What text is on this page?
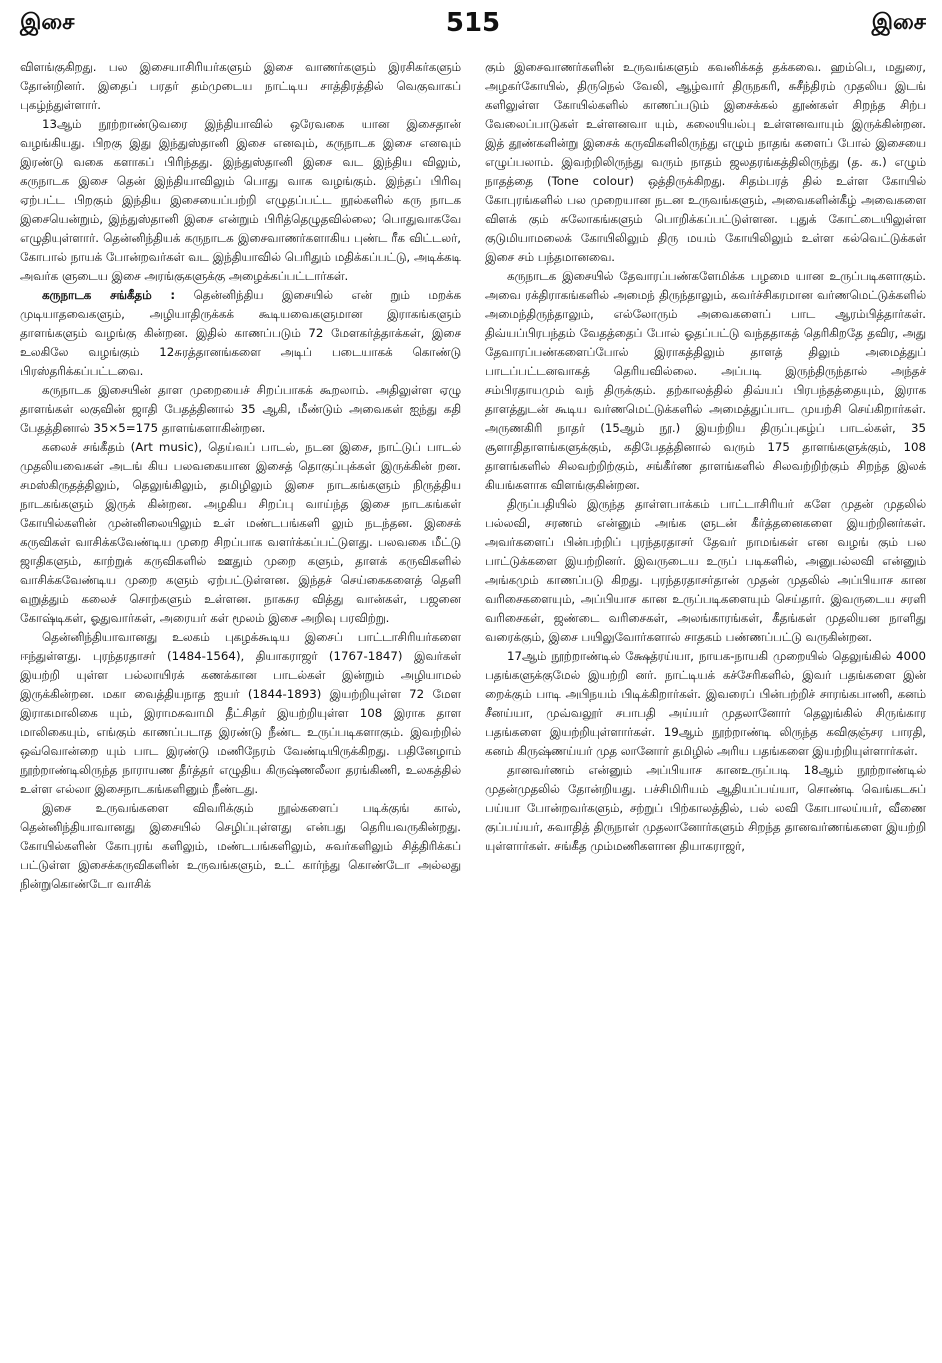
இசை	515	இசை

விளங்குகிறது. பல இசையாசிரியர்களும் இசை வாணர்களும் இரசிகர்களும் தோன்றினர். இதைப் பரதர் தம்முடைய நாட்டிய சாத்திரத்தில் வெகுவாகப் புகழ்ந்துள்ளார்.

13ஆம் நூற்றாண்டுவரை இந்தியாவில் ஒரேவகை யான இசைதான் வழங்கியது. பிறகு இது இந்துஸ்தானி இசை எனவும், கருநாடக இசை எனவும் இரண்டு வகை களாகப் பிரிந்தது. இந்துஸ்தானி இசை வட இந்திய விலும், கருநாடக இசை தென் இந்தியாவிலும் பொது வாக வழங்கும். இந்தப் பிரிவு ஏற்பட்ட பிறகும் இந்திய இசையைப்பற்றி எழுதப்பட்ட நூல்களில் கரு நாடக இசையென்றும், இந்துஸ்தானி இசை என்றும் பிரித்தெழுதவில்லை; பொதுவாகவே எழுதியுள்ளார். தென்னிந்தியக் கருநாடக இசைவாணர்களாகிய புண்ட ரீக விட்டலர், கோபால் நாயக் போன்றவர்கள் வட இந்தியாவில் பெரிதும் மதிக்கப்பட்டு, அடிக்கடி அவர்க ளுடைய இசை அரங்குகளுக்கு அழைக்கப்பட்டார்கள்.

கருநாடக சங்கீதம் : தென்னிந்திய இசையில் என் றும் மறக்க முடியாதவைகளும், அழியாதிருக்கக் கூடியவைகளுமான இராகங்களும் தாளங்களும் வழங்கு கின்றன. இதில் காணப்படும் 72 மேளகர்த்தாக்கள், இசை உலகிலே வழங்கும் 12சுரத்தானங்களை அடிப் படையாகக் கொண்டு பிரஸ்தரிக்கப்பட்டவை.

கருநாடக இசையின் தாள முறையைச் சிறப்பாகக் கூறலாம். அதிலுள்ள ஏழு தாளங்கள் லகுவின் ஜாதி பேதத்தினால் 35 ஆகி, மீண்டும் அவைகள் ஐந்து கதி பேதத்தினால் 35×5=175 தாளங்களாகின்றன.

கலைச் சங்கீதம் (Art music), தெய்வப் பாடல், நடன இசை, நாட்டுப் பாடல் முதலியவைகள் அடங் கிய பலவகையான இசைத் தொகுப்புக்கள் இருக்கின் றன. சமஸ்கிருதத்திலும், தெலுங்கிலும், தமிழிலும் இசை நாடகங்களும் நிருத்திய நாடகங்களும் இருக் கின்றன. அழகிய சிறப்பு வாய்ந்த இசை நாடகங்கள் கோயில்களின் முன்னிலையிலும் உள் மண்டபங்களி லும் நடந்தன. இசைக் கருவிகள் வாசிக்கவேண்டிய முறை சிறப்பாக வளர்க்கப்பட்டுளது. பலவகை மீட்டு ஜாதிகளும், காற்றுக் கருவிகளில் ஊதும் முறை களும், தாளக் கருவிகளில் வாசிக்கவேண்டிய முறை களும் ஏற்பட்டுள்ளன. இந்தச் செய்கைகளைத் தெளி வுறுத்தும் கலைச் சொற்களும் உள்ளன. நாகசுர வித்து வான்கள், பஜனை கோஷ்டிகள், ஓதுவார்கள், அரையர் கள் மூலம் இசை அறிவு பரவிற்று.

தென்னிந்தியாவானது உலகம் புகழக்கூடிய இசைப் பாட்டாசிரியர்களை ஈந்துள்ளது. புரந்தரதாசர் (1484-1564), தியாகராஜர் (1767-1847) இவர்கள் இயற்றி யுள்ள பல்லாயிரக் கணக்கான பாடல்கள் இன்றும் அழியாமல் இருக்கின்றன. மகா வைத்தியநாத ஐயர் (1844-1893) இயற்றியுள்ள 72 மேள இராகமாலிகை யும், இராமசுவாமி தீட்சிதர் இயற்றியுள்ள 108 இராக தாள மாலிகையும், எங்கும் காணப்படாத இரண்டு நீண்ட உருப்படிகளாகும். இவற்றில் ஒவ்வொன்றை யும் பாட இரண்டு மணிநேரம் வேண்டியிருக்கிறது. பதினேழாம் நூற்றாண்டிலிருந்த நாராயண தீர்த்தர் எழுதிய கிருஷ்ணலீலா தரங்கிணி, உலகத்தில் உள்ள எல்லா இசைநாடகங்களினும் நீண்டது.

இசை உருவங்களை விவரிக்கும் நூல்களைப் படிக்குங் கால், தென்னிந்தியாவானது இசையில் செழிப்புள்ளது என்பது தெரியவருகின்றது. கோயில்களின் கோபுரங் களிலும், மண்டபங்களிலும், சுவர்களிலும் சித்திரிக்கப் பட்டுள்ள இசைக்கருவிகளின் உருவங்களும், உட் கார்ந்து கொண்டோ அல்லது நின்றுகொண்டோ வாசிக்

கும் இசைவாணர்களின் உருவங்களும் கவனிக்கத் தக்கவை. ஹம்பெ, மதுரை, அழகர்கோயில், திருநெல் வேலி, ஆழ்வார் திருநகரி, சுசீந்திரம் முதலிய இடங் களிலுள்ள கோயில்களில் காணப்படும் இசைக்கல் தூண்கள் சிறந்த சிற்ப வேலைப்பாடுகள் உள்ளனவா யும், கலையியல்பு உள்ளனவாயும் இருக்கின்றன. இத் தூண்களின்று இசைக் கருவிகளிலிருந்து எழும் நாதங் களைப் போல் இசையை எழுப்பலாம். இவற்றிலிருந்து வரும் நாதம் ஜலதரங்கத்திலிருந்து (த. க.) எழும் நாதத்தை (Tone colour) ஒத்திருக்கிறது. சிதம்பரத் தில் உள்ள கோயில் கோபுரங்களில் பல முறையான நடன உருவங்களும், அவைகளின்கீழ் அவைகளை விளக் கும் சுலோகங்களும் பொறிக்கப்பட்டுள்ளன. புதுக் கோட்டையிலுள்ள குடுமியாமலைக் கோயிலிலும் திரு மயம் கோயிலிலும் உள்ள கல்வெட்டுக்கள் இசை சம் பந்தமானவை.

கருநாடக இசையில் தேவாரப்பண்களேமிக்க பழமை யான உருப்படிகளாகும். அவை ரக்திராகங்களில் அமைந் திருந்தாலும், கவர்ச்சிகரமான வர்ணமெட்டுக்களில் அமைந்திருந்தாலும், எல்லோரும் அவைகளைப் பாட ஆரம்பித்தார்கள். திவ்யப்பிரபந்தம் வேதத்தைப் போல் ஓதப்பட்டு வந்ததாகத் தெரிகிறதே தவிர, அது தேவாரப்பண்களைப்போல் இராகத்திலும் தாளத் திலும் அமைத்துப் பாடப்பட்டனவாகத் தெரியவில்லை. அப்படி இருந்திருந்தால் அந்தச் சம்பிரதாயமும் வந் திருக்கும். தற்காலத்தில் திவ்யப் பிரபந்தத்தையும், இராக தாளத்துடன் கூடிய வர்ணமெட்டுக்களில் அமைத்துப்பாட முயற்சி செய்கிறார்கள். அருணகிரி நாதர் (15ஆம் நூ.) இயற்றிய திருப்புகழ்ப் பாடல்கள், 35 சூளாதிதாளங்களுக்கும், கதிபேதத்தினால் வரும் 175 தாளங்களுக்கும், 108 தாளங்களில் சிலவற்றிற்கும், சங்கீர்ண தாளங்களில் சிலவற்றிற்கும் சிறந்த இலக் கியங்களாக விளங்குகின்றன.

திருப்பதியில் இருந்த தாள்ளபாக்கம் பாட்டாசிரியர் களே முதன் முதலில் பல்லவி, சரணம் என்னும் அங்க ளுடன் கீர்த்தனைகளை இயற்றினர்கள். அவர்களைப் பின்பற்றிப் புரந்தரதாசர் தேவர் நாமங்கள் என வழங் கும் பல பாட்டுக்களை இயற்றினர். இவருடைய உருப் படிகளில், அனுபல்லவி என்னும் அங்கமும் காணப்படு கிறது. புரந்தரதாசர்தான் முதன் முதலில் அப்பியாச கான வரிசைகளையும், அப்பியாச கான உருப்படிகளையும் செய்தார். இவருடைய சரளி வரிசைகள், ஜண்டை வரிசைகள், அலங்காரங்கள், கீதங்கள் முதலியன நாளிது வரைக்கும், இசை பயிலுவோர்களால் சாதகம் பண்ணப்பட்டு வருகின்றன.

17ஆம் நூற்றாண்டில் க்ஷேத்ரய்யா, நாயக-நாயகி முறையில் தெலுங்கில் 4000 பதங்களுக்குமேல் இயற்றி னர். நாட்டியக் கச்சேரிகளில், இவர் பதங்களை இன் றைக்கும் பாடி அபிநயம் பிடிக்கிறார்கள். இவரைப் பின்பற்றிச் சாரங்கபாணி, கனம் சீனய்யா, முவ்வலூர் சபாபதி அய்யர் முதலானோர் தெலுங்கில் சிருங்கார பதங்களை இயற்றியுள்ளார்கள். 19ஆம் நூற்றாண்டி லிருந்த கவிகுஞ்சர பாரதி, கனம் கிருஷ்ணய்யர் முத லானோர் தமிழில் அரிய பதங்களை இயற்றியுள்ளார்கள்.

தானவர்ணம் என்னும் அப்பியாச கானஉருப்படி 18ஆம் நூற்றாண்டில் முதன்முதலில் தோன்றியது. பச்சிமிரியம் ஆதியப்பய்யா, சொண்டி வெங்கடசுப் பய்யா போன்றவர்களும், சற்றுப் பிற்காலத்தில், பல் லவி கோபாலய்யர், வீணை குப்பய்யர், சுவாதித் திருநாள் முதலானோர்களும் சிறந்த தானவர்ணங்களை இயற்றி யுள்ளார்கள். சங்கீத மும்மணிகளான தியாகராஜர்,
